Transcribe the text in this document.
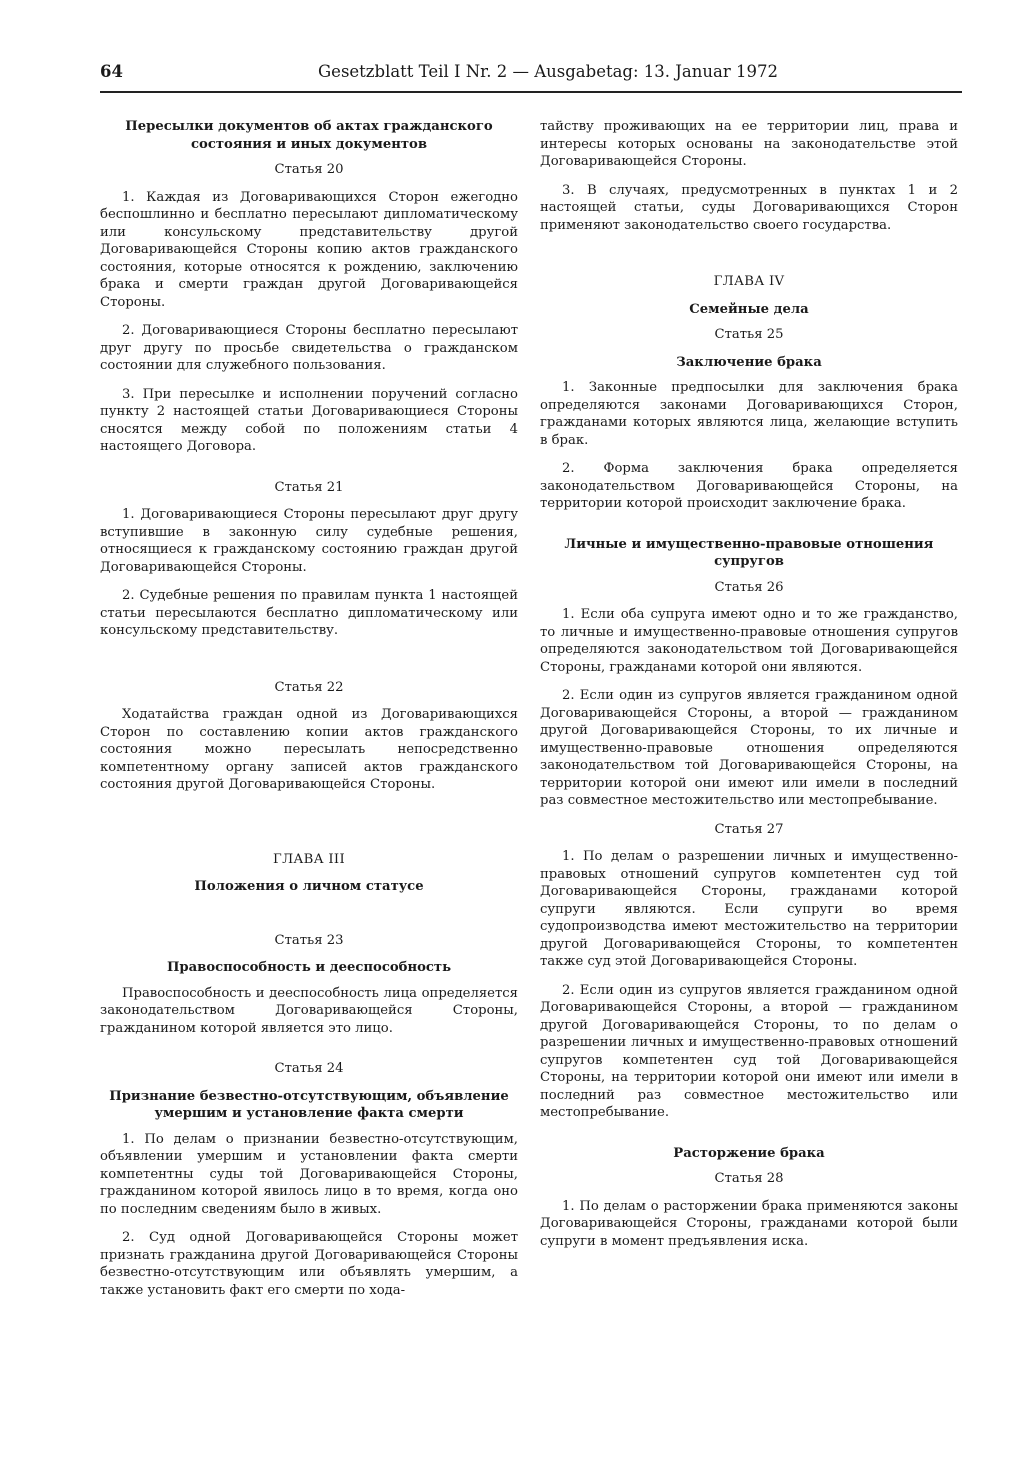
64	Gesetzblatt Teil I Nr. 2 — Ausgabetag: 13. Januar 1972
Пересылки документов об актах гражданского состояния и иных документов
Статья 20

1. Каждая из Договаривающихся Сторон ежегодно беспошлинно и бесплатно пересылают дипломатическому или консульскому представительству другой Договаривающейся Стороны копию актов гражданского состояния, которые относятся к рождению, заключению брака и смерти граждан другой Договаривающейся Стороны.

2. Договаривающиеся Стороны бесплатно пересылают друг другу по просьбе свидетельства о гражданском состоянии для служебного пользования.

3. При пересылке и исполнении поручений согласно пункту 2 настоящей статьи Договаривающиеся Стороны сносятся между собой по положениям статьи 4 настоящего Договора.

Статья 21

1. Договаривающиеся Стороны пересылают друг другу вступившие в законную силу судебные решения, относящиеся к гражданскому состоянию граждан другой Договаривающейся Стороны.

2. Судебные решения по правилам пункта 1 настоящей статьи пересылаются бесплатно дипломатическому или консульскому представительству.

Статья 22

Ходатайства граждан одной из Договаривающихся Сторон по составлению копии актов гражданского состояния можно пересылать непосредственно компетентному органу записей актов гражданского состояния другой Договаривающейся Стороны.

ГЛАВА III
Положения о личном статусе
Статья 23
Правоспособность и дееспособность

Правоспособность и дееспособность лица определяется законодательством Договаривающейся Стороны, гражданином которой является это лицо.

Статья 24
Признание безвестно-отсутствующим, объявление умершим и установление факта смерти

1. По делам о признании безвестно-отсутствующим, объявлении умершим и установлении факта смерти компетентны суды той Договаривающейся Стороны, гражданином которой явилось лицо в то время, когда оно по последним сведениям было в живых.

2. Суд одной Договаривающейся Стороны может признать гражданина другой Договаривающейся Стороны безвестно-отсутствующим или объявлять умершим, а также установить факт его смерти по хода-

тайству проживающих на ее территории лиц, права и интересы которых основаны на законодательстве этой Договаривающейся Стороны.

3. В случаях, предусмотренных в пунктах 1 и 2 настоящей статьи, суды Договаривающихся Сторон применяют законодательство своего государства.

ГЛАВА IV
Семейные дела
Статья 25
Заключение брака

1. Законные предпосылки для заключения брака определяются законами Договаривающихся Сторон, гражданами которых являются лица, желающие вступить в брак.

2. Форма заключения брака определяется законодательством Договаривающейся Стороны, на территории которой происходит заключение брака.

Личные и имущественно-правовые отношения супругов
Статья 26

1. Если оба супруга имеют одно и то же гражданство, то личные и имущественно-правовые отношения супругов определяются законодательством той Договаривающейся Стороны, гражданами которой они являются.

2. Если один из супругов является гражданином одной Договаривающейся Стороны, а второй — гражданином другой Договаривающейся Стороны, то их личные и имущественно-правовые отношения определяются законодательством той Договаривающейся Стороны, на территории которой они имеют или имели в последний раз совместное местожительство или местопребывание.

Статья 27

1. По делам о разрешении личных и имущественно-правовых отношений супругов компетентен суд той Договаривающейся Стороны, гражданами которой супруги являются. Если супруги во время судопроизводства имеют местожительство на территории другой Договаривающейся Стороны, то компетентен также суд этой Договаривающейся Стороны.

2. Если один из супругов является гражданином одной Договаривающейся Стороны, а второй — гражданином другой Договаривающейся Стороны, то по делам о разрешении личных и имущественно-правовых отношений супругов компетентен суд той Договаривающейся Стороны, на территории которой они имеют или имели в последний раз совместное местожительство или местопребывание.

Расторжение брака
Статья 28

1. По делам о расторжении брака применяются законы Договаривающейся Стороны, гражданами которой были супруги в момент предъявления иска.
